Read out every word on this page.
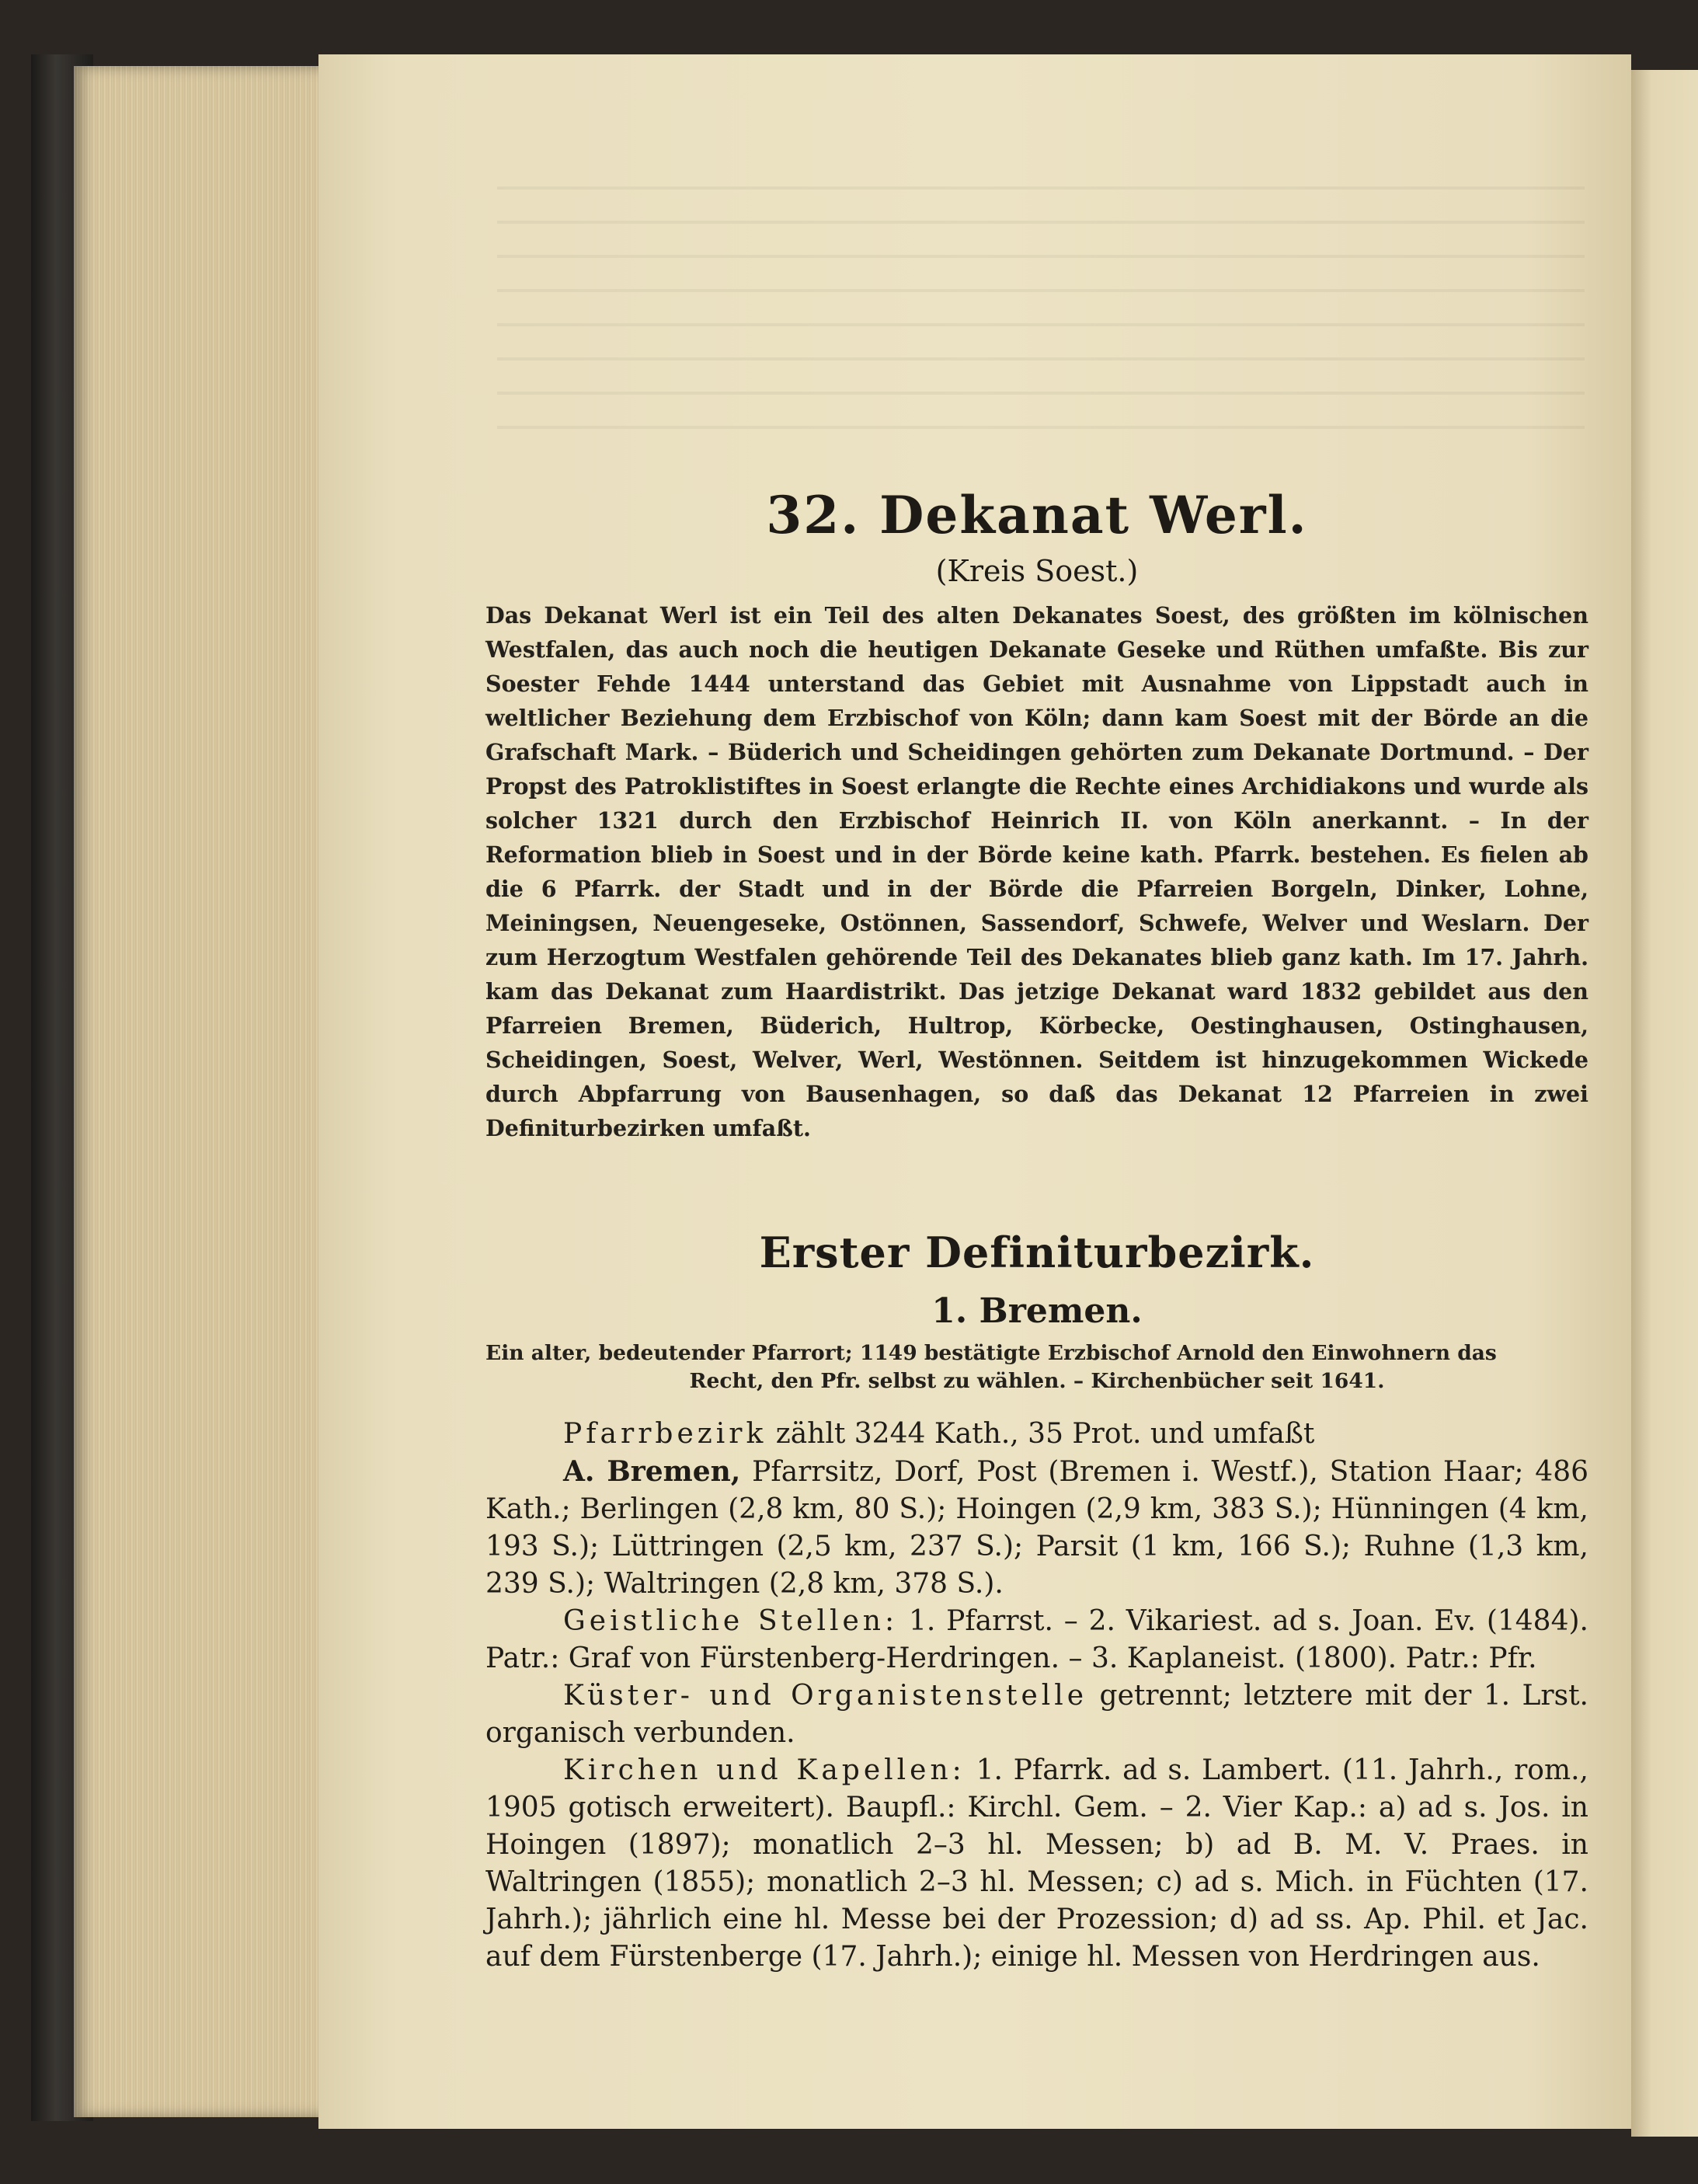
32. Dekanat Werl.
(Kreis Soest.)

Das Dekanat Werl ist ein Teil des alten Dekanates Soest, des größten im kölnischen Westfalen, das auch noch die heutigen Dekanate Geseke und Rüthen umfaßte. Bis zur Soester Fehde 1444 unterstand das Gebiet mit Ausnahme von Lippstadt auch in weltlicher Beziehung dem Erzbischof von Köln; dann kam Soest mit der Börde an die Grafschaft Mark. – Büderich und Scheidingen gehörten zum Dekanate Dortmund. – Der Propst des Patroklistiftes in Soest erlangte die Rechte eines Archidiakons und wurde als solcher 1321 durch den Erzbischof Heinrich II. von Köln anerkannt. – In der Reformation blieb in Soest und in der Börde keine kath. Pfarrk. bestehen. Es fielen ab die 6 Pfarrk. der Stadt und in der Börde die Pfarreien Borgeln, Dinker, Lohne, Meiningsen, Neuengeseke, Ostönnen, Sassendorf, Schwefe, Welver und Weslarn. Der zum Herzogtum Westfalen gehörende Teil des Dekanates blieb ganz kath. Im 17. Jahrh. kam das Dekanat zum Haardistrikt. Das jetzige Dekanat ward 1832 gebildet aus den Pfarreien Bremen, Büderich, Hultrop, Körbecke, Oestinghausen, Ostinghausen, Scheidingen, Soest, Welver, Werl, Westönnen. Seitdem ist hinzugekommen Wickede durch Abpfarrung von Bausenhagen, so daß das Dekanat 12 Pfarreien in zwei Definiturbezirken umfaßt.

Erster Definiturbezirk.
1. Bremen.

Ein alter, bedeutender Pfarrort; 1149 bestätigte Erzbischof Arnold den Einwohnern das

Recht, den Pfr. selbst zu wählen. – Kirchenbücher seit 1641.

Pfarrbezirk zählt 3244 Kath., 35 Prot. und umfaßt

A. Bremen, Pfarrsitz, Dorf, Post (Bremen i. Westf.), Station Haar; 486 Kath.; Berlingen (2,8 km, 80 S.); Hoingen (2,9 km, 383 S.); Hünningen (4 km, 193 S.); Lüttringen (2,5 km, 237 S.); Parsit (1 km, 166 S.); Ruhne (1,3 km, 239 S.); Waltringen (2,8 km, 378 S.).

Geistliche Stellen: 1. Pfarrst. – 2. Vikariest. ad s. Joan. Ev. (1484). Patr.: Graf von Fürstenberg-Herdringen. – 3. Kaplaneist. (1800). Patr.: Pfr.

Küster- und Organistenstelle getrennt; letztere mit der 1. Lrst. organisch verbunden.

Kirchen und Kapellen: 1. Pfarrk. ad s. Lambert. (11. Jahrh., rom., 1905 gotisch erweitert). Baupfl.: Kirchl. Gem. – 2. Vier Kap.: a) ad s. Jos. in Hoingen (1897); monatlich 2–3 hl. Messen; b) ad B. M. V. Praes. in Waltringen (1855); monatlich 2–3 hl. Messen; c) ad s. Mich. in Füchten (17. Jahrh.); jährlich eine hl. Messe bei der Prozession; d) ad ss. Ap. Phil. et Jac. auf dem Fürstenberge (17. Jahrh.); einige hl. Messen von Herdringen aus.
